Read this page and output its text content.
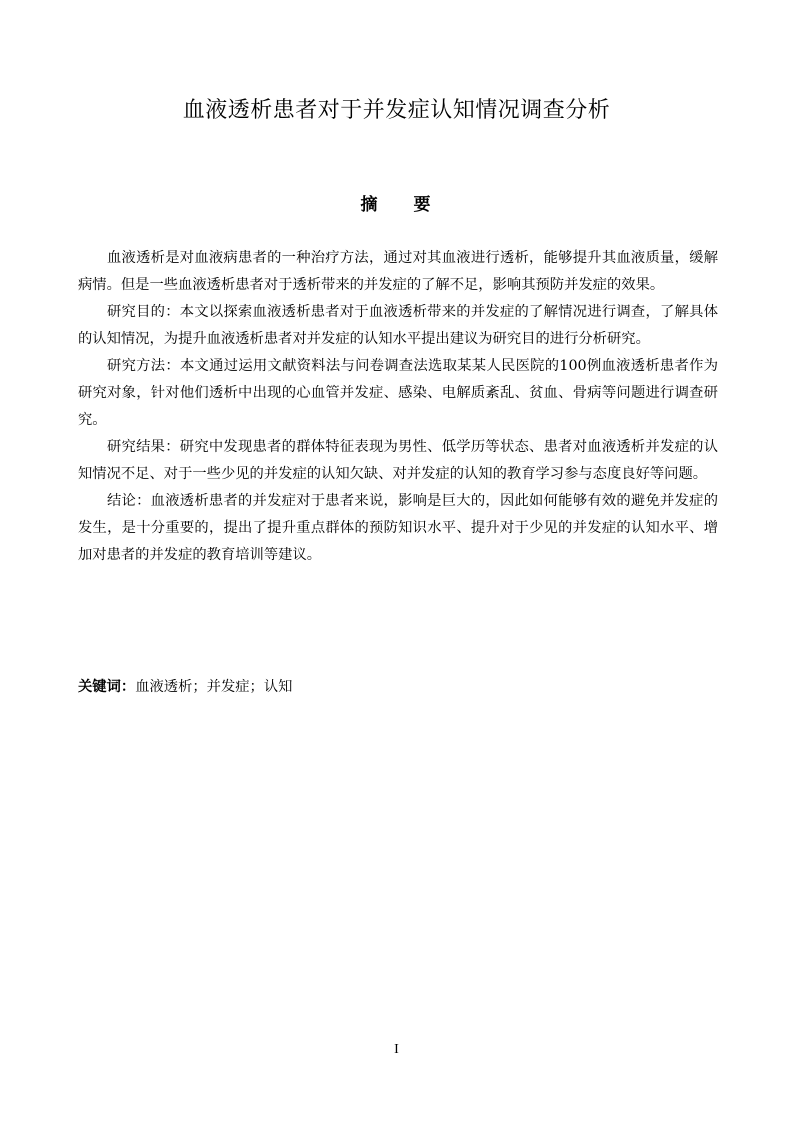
血液透析患者对于并发症认知情况调查分析
摘 要

血液透析是对血液病患者的一种治疗方法，通过对其血液进行透析，能够提升其血液质量，缓解病情。但是一些血液透析患者对于透析带来的并发症的了解不足，影响其预防并发症的效果。

研究目的：本文以探索血液透析患者对于血液透析带来的并发症的了解情况进行调查，了解具体的认知情况，为提升血液透析患者对并发症的认知水平提出建议为研究目的进行分析研究。

研究方法：本文通过运用文献资料法与问卷调查法选取某某人民医院的100例血液透析患者作为研究对象，针对他们透析中出现的心血管并发症、感染、电解质紊乱、贫血、骨病等问题进行调查研究。

研究结果：研究中发现患者的群体特征表现为男性、低学历等状态、患者对血液透析并发症的认知情况不足、对于一些少见的并发症的认知欠缺、对并发症的认知的教育学习参与态度良好等问题。

结论：血液透析患者的并发症对于患者来说，影响是巨大的，因此如何能够有效的避免并发症的发生，是十分重要的，提出了提升重点群体的预防知识水平、提升对于少见的并发症的认知水平、增加对患者的并发症的教育培训等建议。

关键词：血液透析；并发症；认知
I
